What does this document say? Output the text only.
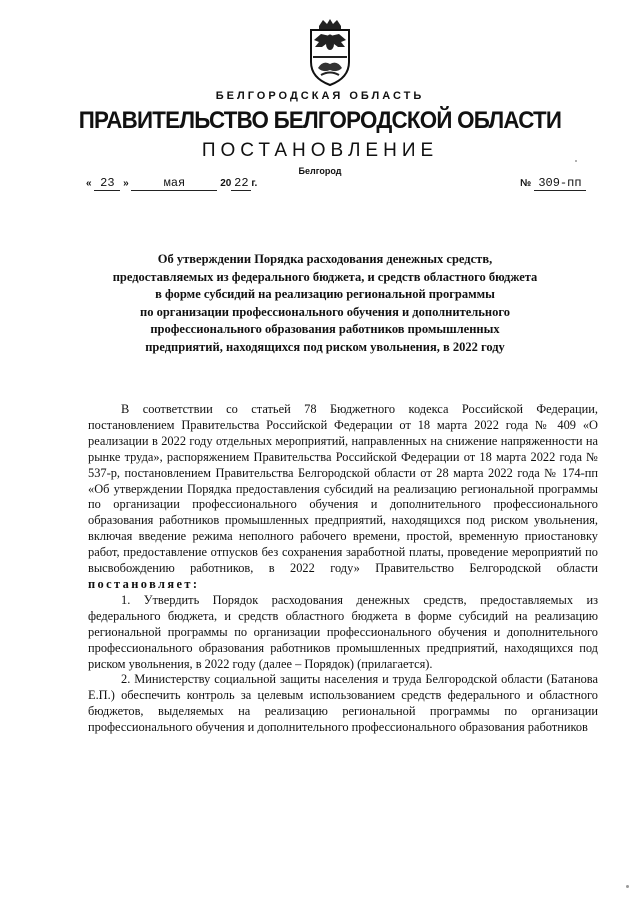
БЕЛГОРОДСКАЯ ОБЛАСТЬ
ПРАВИТЕЛЬСТВО БЕЛГОРОДСКОЙ ОБЛАСТИ
ПОСТАНОВЛЕНИЕ
Белгород
« 23 »	мая	20 22 г.	№ 309-пп
Об утверждении Порядка расходования денежных средств,
предоставляемых из федерального бюджета, и средств областного бюджета
в форме субсидий на реализацию региональной программы
по организации профессионального обучения и дополнительного
профессионального образования работников промышленных
предприятий, находящихся под риском увольнения, в 2022 году

В соответствии со статьей 78 Бюджетного кодекса Российской Федерации, постановлением Правительства Российской Федерации от 18 марта 2022 года № 409 «О реализации в 2022 году отдельных мероприятий, направленных на снижение напряженности на рынке труда», распоряжением Правительства Российской Федерации от 18 марта 2022 года № 537-р, постановлением Правительства Белгородской области от 28 марта 2022 года № 174-пп «Об утверждении Порядка предоставления субсидий на реализацию региональной программы по организации профессионального обучения и дополнительного профессионального образования работников промышленных предприятий, находящихся под риском увольнения, включая введение режима неполного рабочего времени, простой, временную приостановку работ, предоставление отпусков без сохранения заработной платы, проведение мероприятий по высвобождению работников, в 2022 году» Правительство Белгородской области постановляет:

1. Утвердить Порядок расходования денежных средств, предоставляемых из федерального бюджета, и средств областного бюджета в форме субсидий на реализацию региональной программы по организации профессионального обучения и дополнительного профессионального образования работников промышленных предприятий, находящихся под риском увольнения, в 2022 году (далее – Порядок) (прилагается).

2. Министерству социальной защиты населения и труда Белгородской области (Батанова Е.П.) обеспечить контроль за целевым использованием средств федерального и областного бюджетов, выделяемых на реализацию региональной программы по организации профессионального обучения и дополнительного профессионального образования работников
